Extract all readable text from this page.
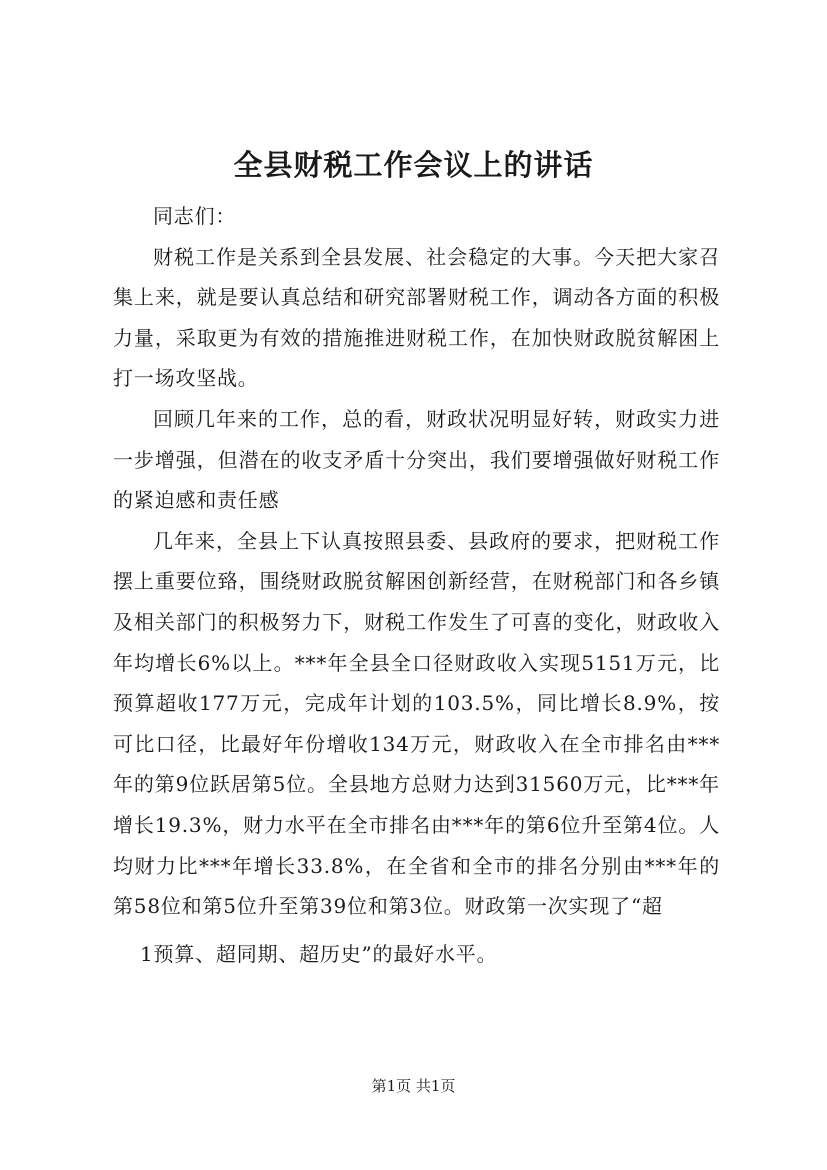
全县财税工作会议上的讲话

同志们：

财税工作是关系到全县发展、社会稳定的大事。今天把大家召集上来，就是要认真总结和研究部署财税工作，调动各方面的积极力量，采取更为有效的措施推进财税工作，在加快财政脱贫解困上打一场攻坚战。

回顾几年来的工作，总的看，财政状况明显好转，财政实力进一步增强，但潜在的收支矛盾十分突出，我们要增强做好财税工作的紧迫感和责任感

几年来，全县上下认真按照县委、县政府的要求，把财税工作摆上重要位臵，围绕财政脱贫解困创新经营，在财税部门和各乡镇及相关部门的积极努力下，财税工作发生了可喜的变化，财政收入年均增长6%以上。***年全县全口径财政收入实现5151万元，比预算超收177万元，完成年计划的103.5%，同比增长8.9%，按可比口径，比最好年份增收134万元，财政收入在全市排名由***年的第9位跃居第5位。全县地方总财力达到31560万元，比***年增长19.3%，财力水平在全市排名由***年的第6位升至第4位。人均财力比***年增长33.8%，在全省和全市的排名分别由***年的第58位和第5位升至第39位和第3位。财政第一次实现了“超

1预算、超同期、超历史”的最好水平。

第1页 共1页
